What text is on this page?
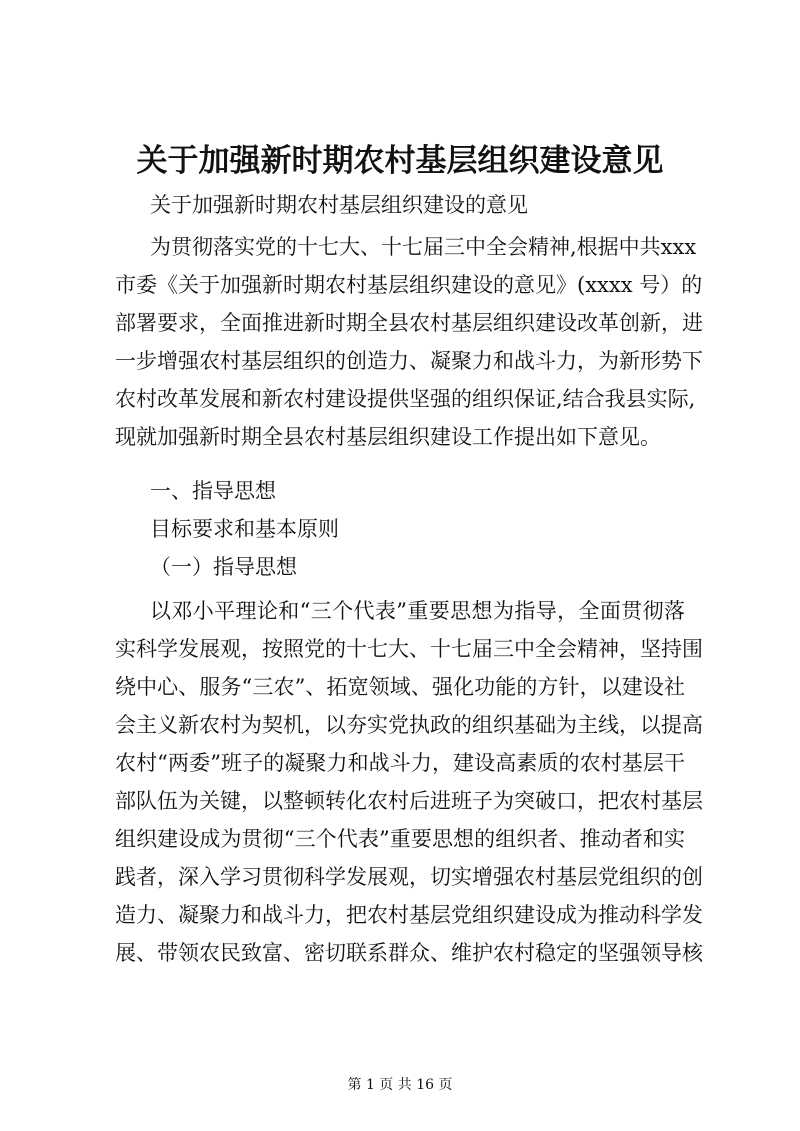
关于加强新时期农村基层组织建设意见
关于加强新时期农村基层组织建设的意见
为贯彻落实党的十七大、十七届三中全会精神,根据中共xxx
市委《关于加强新时期农村基层组织建设的意见》(xxxx 号）的
部署要求，全面推进新时期全县农村基层组织建设改革创新，进
一步增强农村基层组织的创造力、凝聚力和战斗力，为新形势下
农村改革发展和新农村建设提供坚强的组织保证,结合我县实际,
现就加强新时期全县农村基层组织建设工作提出如下意见。
一、指导思想
目标要求和基本原则
（一）指导思想
以邓小平理论和“三个代表”重要思想为指导，全面贯彻落
实科学发展观，按照党的十七大、十七届三中全会精神，坚持围
绕中心、服务“三农”、拓宽领域、强化功能的方针，以建设社
会主义新农村为契机，以夯实党执政的组织基础为主线，以提高
农村“两委”班子的凝聚力和战斗力，建设高素质的农村基层干
部队伍为关键，以整顿转化农村后进班子为突破口，把农村基层
组织建设成为贯彻“三个代表”重要思想的组织者、推动者和实
践者，深入学习贯彻科学发展观，切实增强农村基层党组织的创
造力、凝聚力和战斗力，把农村基层党组织建设成为推动科学发
展、带领农民致富、密切联系群众、维护农村稳定的坚强领导核
第 1 页 共 16 页
